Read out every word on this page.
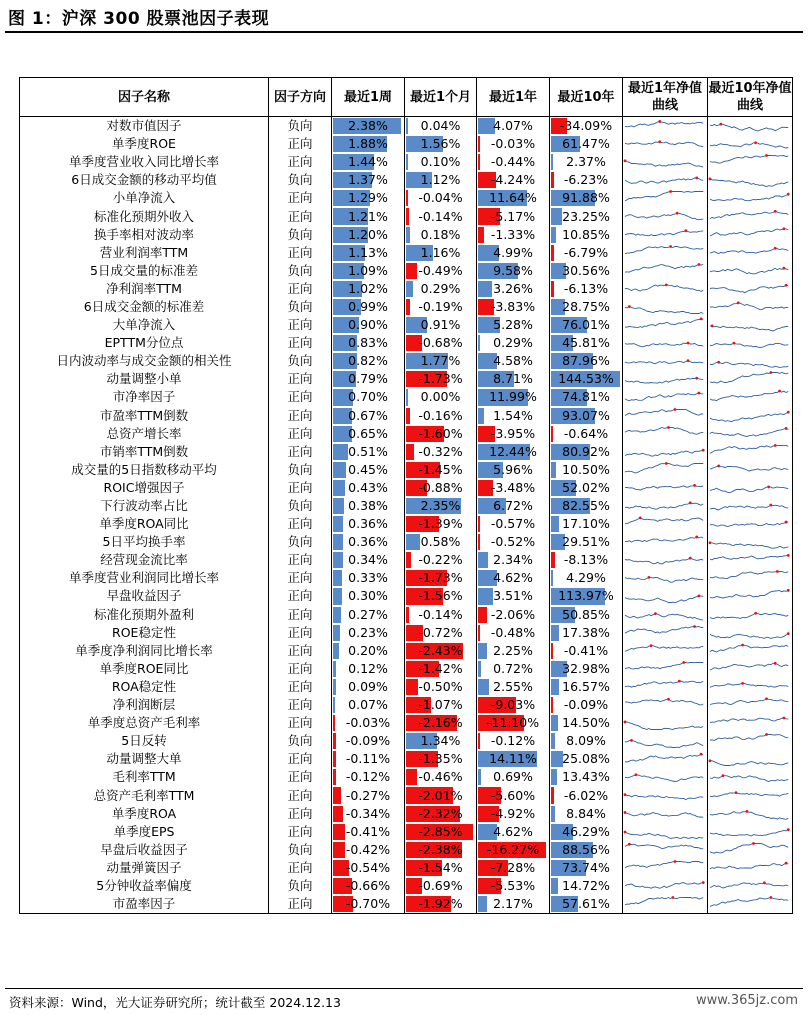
图 1：沪深 300 股票池因子表现
因子名称	因子方向	最近1周	最近1个月	最近1年	最近10年	最近1年净值曲线	最近10年净值曲线
对数市值因子	负向	2.38%	0.04%	4.07%	-34.09%	

单季度ROE	正向	1.88%	1.56%	-0.03%	61.47%	

单季度营业收入同比增长率	正向	1.44%	0.10%	-0.44%	2.37%	

6日成交金额的移动平均值	负向	1.37%	1.12%	-4.24%	-6.23%	

小单净流入	正向	1.29%	-0.04%	11.64%	91.88%	

标准化预期外收入	正向	1.21%	-0.14%	-5.17%	23.25%	

换手率相对波动率	负向	1.20%	0.18%	-1.33%	10.85%	

营业利润率TTM	正向	1.13%	1.16%	4.99%	-6.79%	

5日成交量的标准差	负向	1.09%	-0.49%	9.58%	30.56%	

净利润率TTM	正向	1.02%	0.29%	3.26%	-6.13%	

6日成交金额的标准差	负向	0.99%	-0.19%	-3.83%	28.75%	

大单净流入	正向	0.90%	0.91%	5.28%	76.01%	

EPTTM分位点	正向	0.83%	-0.68%	0.29%	45.81%	

日内波动率与成交金额的相关性	负向	0.82%	1.77%	4.58%	87.96%	

动量调整小单	正向	0.79%	-1.73%	8.71%	144.53%	

市净率因子	正向	0.70%	0.00%	11.99%	74.81%	

市盈率TTM倒数	正向	0.67%	-0.16%	1.54%	93.07%	

总资产增长率	正向	0.65%	-1.60%	-3.95%	-0.64%	

市销率TTM倒数	正向	0.51%	-0.32%	12.44%	80.92%	

成交量的5日指数移动平均	负向	0.45%	-1.45%	5.96%	10.50%	

ROIC增强因子	正向	0.43%	-0.88%	-3.48%	52.02%	

下行波动率占比	负向	0.38%	2.35%	6.72%	82.55%	

单季度ROA同比	正向	0.36%	-1.39%	-0.57%	17.10%	

5日平均换手率	负向	0.36%	0.58%	-0.52%	29.51%	

经营现金流比率	正向	0.34%	-0.22%	2.34%	-8.13%	

单季度营业利润同比增长率	正向	0.33%	-1.73%	4.62%	4.29%	

早盘收益因子	正向	0.30%	-1.56%	3.51%	113.97%	

标准化预期外盈利	正向	0.27%	-0.14%	-2.06%	50.85%	

ROE稳定性	正向	0.23%	-0.72%	-0.48%	17.38%	

单季度净利润同比增长率	正向	0.20%	-2.43%	2.25%	-0.41%	

单季度ROE同比	正向	0.12%	-1.42%	0.72%	32.98%	

ROA稳定性	正向	0.09%	-0.50%	2.55%	16.57%	

净利润断层	正向	0.07%	-1.07%	-9.03%	-0.09%	

单季度总资产毛利率	正向	-0.03%	-2.16%	-11.10%	14.50%	

5日反转	负向	-0.09%	1.34%	-0.12%	8.09%	

动量调整大单	正向	-0.11%	-1.35%	14.11%	25.08%	

毛利率TTM	正向	-0.12%	-0.46%	0.69%	13.43%	

总资产毛利率TTM	正向	-0.27%	-2.01%	-5.60%	-6.02%	

单季度ROA	正向	-0.34%	-2.32%	-4.92%	8.84%	

单季度EPS	正向	-0.41%	-2.85%	4.62%	46.29%	

早盘后收益因子	负向	-0.42%	-2.38%	-16.27%	88.56%	

动量弹簧因子	正向	-0.54%	-1.54%	-7.28%	73.74%	

5分钟收益率偏度	负向	-0.66%	-0.69%	-5.53%	14.72%	

市盈率因子	正向	-0.70%	-1.92%	2.17%	57.61%	

资料来源：Wind，光大证券研究所；统计截至 2024.12.13	www.365jz.com
